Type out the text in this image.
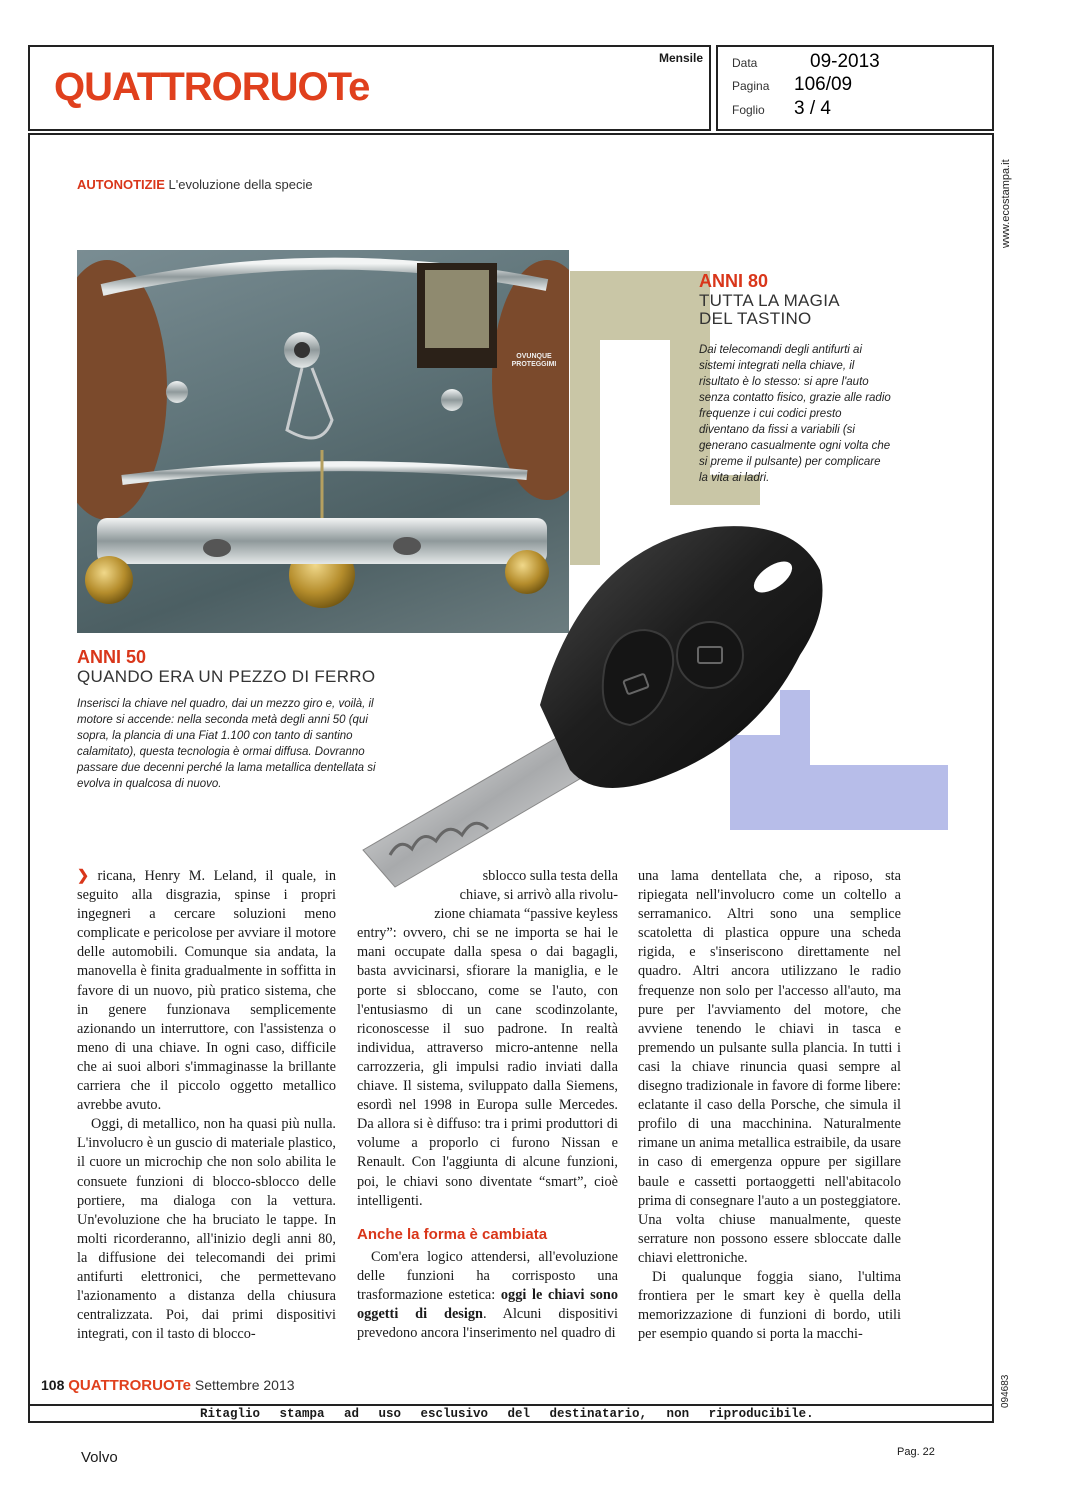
QUATTRORUOTe
Mensile Data	09-2013
Pagina 106/09
Foglio 3 / 4
www.ecostampa.it
094683
AUTONOTIZIE L'evoluzione della specie
OVUNQUE PROTEGGIMI
ANNI 80
TUTTA LA MAGIA
DEL TASTINO
Dai telecomandi degli antifurti ai sistemi integrati nella chiave, il risultato è lo stesso: si apre l'auto senza contatto fisico, grazie alle radio frequenze i cui codici presto diventano da fissi a variabili (si generano casualmente ogni volta che si preme il pulsante) per complicare la vita ai ladri.
ANNI 50
QUANDO ERA UN PEZZO DI FERRO
Inserisci la chiave nel quadro, dai un mezzo giro e, voilà, il motore si accende: nella seconda metà degli anni 50 (qui sopra, la plancia di una Fiat 1.100 con tanto di santino calamitato), questa tecnologia è ormai diffusa. Dovranno passare due decenni perché la lama metallica dentellata si evolva in qualcosa di nuovo.

❯ ricana, Henry M. Leland, il quale, in seguito alla disgrazia, spinse i propri ingegneri a cercare soluzioni meno complicate e pericolose per avviare il motore delle automobili. Comunque sia andata, la manovella è finita gradualmente in soffitta in favore di un nuovo, più pratico sistema, che in genere funzionava semplicemente azionando un interruttore, con l'assistenza o meno di una chiave. In ogni caso, difficile che ai suoi albori s'immaginasse la brillante carriera che il piccolo oggetto metallico avrebbe avuto.

Oggi, di metallico, non ha quasi più nulla. L'involucro è un guscio di materiale plastico, il cuore un microchip che non solo abilita le consuete funzioni di blocco-sblocco delle portiere, ma dialoga con la vettura. Un'evoluzione che ha bruciato le tappe. In molti ricorderanno, all'inizio degli anni 80, la diffusione dei telecomandi dei primi antifurti elettronici, che permettevano l'azionamento a distanza della chiusura centralizzata. Poi, dai primi dispositivi integrati, con il tasto di blocco-

sblocco sulla testa della
chiave, si arrivò alla rivolu-
zione chiamata “passive keyless

entry”: ovvero, chi se ne importa se hai le mani occupate dalla spesa o dai bagagli, basta avvicinarsi, sfiorare la maniglia, e le porte si sbloccano, come se l'auto, con l'entusiasmo di un cane scodinzolante, riconoscesse il suo padrone. In realtà individua, attraverso micro-antenne nella carrozzeria, gli impulsi radio inviati dalla chiave. Il sistema, sviluppato dalla Siemens, esordì nel 1998 in Europa sulle Mercedes. Da allora si è diffuso: tra i primi produttori di volume a proporlo ci furono Nissan e Renault. Con l'aggiunta di alcune funzioni, poi, le chiavi sono diventate “smart”, cioè intelligenti.

Anche la forma è cambiata

Com'era logico attendersi, all'evoluzione delle funzioni ha corrisposto una trasformazione estetica: oggi le chiavi sono oggetti di design. Alcuni dispositivi prevedono ancora l'inserimento nel quadro di

una lama dentellata che, a riposo, sta ripiegata nell'involucro come un coltello a serramanico. Altri sono una semplice scatoletta di plastica oppure una scheda rigida, e s'inseriscono direttamente nel quadro. Altri ancora utilizzano le radio frequenze non solo per l'accesso all'auto, ma pure per l'avviamento del motore, che avviene tenendo le chiavi in tasca e premendo un pulsante sulla plancia. In tutti i casi la chiave rinuncia quasi sempre al disegno tradizionale in favore di forme libere: eclatante il caso della Porsche, che simula il profilo di una macchinina. Naturalmente rimane un anima metallica estraibile, da usare in caso di emergenza oppure per sigillare baule e cassetti portaoggetti nell'abitacolo prima di consegnare l'auto a un posteggiatore. Una volta chiuse manualmente, queste serrature non possono essere sbloccate dalle chiavi elettroniche.

Di qualunque foggia siano, l'ultima frontiera per le smart key è quella della memorizzazione di funzioni di bordo, utili per esempio quando si porta la macchi-

108 QUATTRORUOTe Settembre 2013
Ritaglio stampa ad uso esclusivo del destinatario, non riproducibile.
Volvo	Pag. 22
